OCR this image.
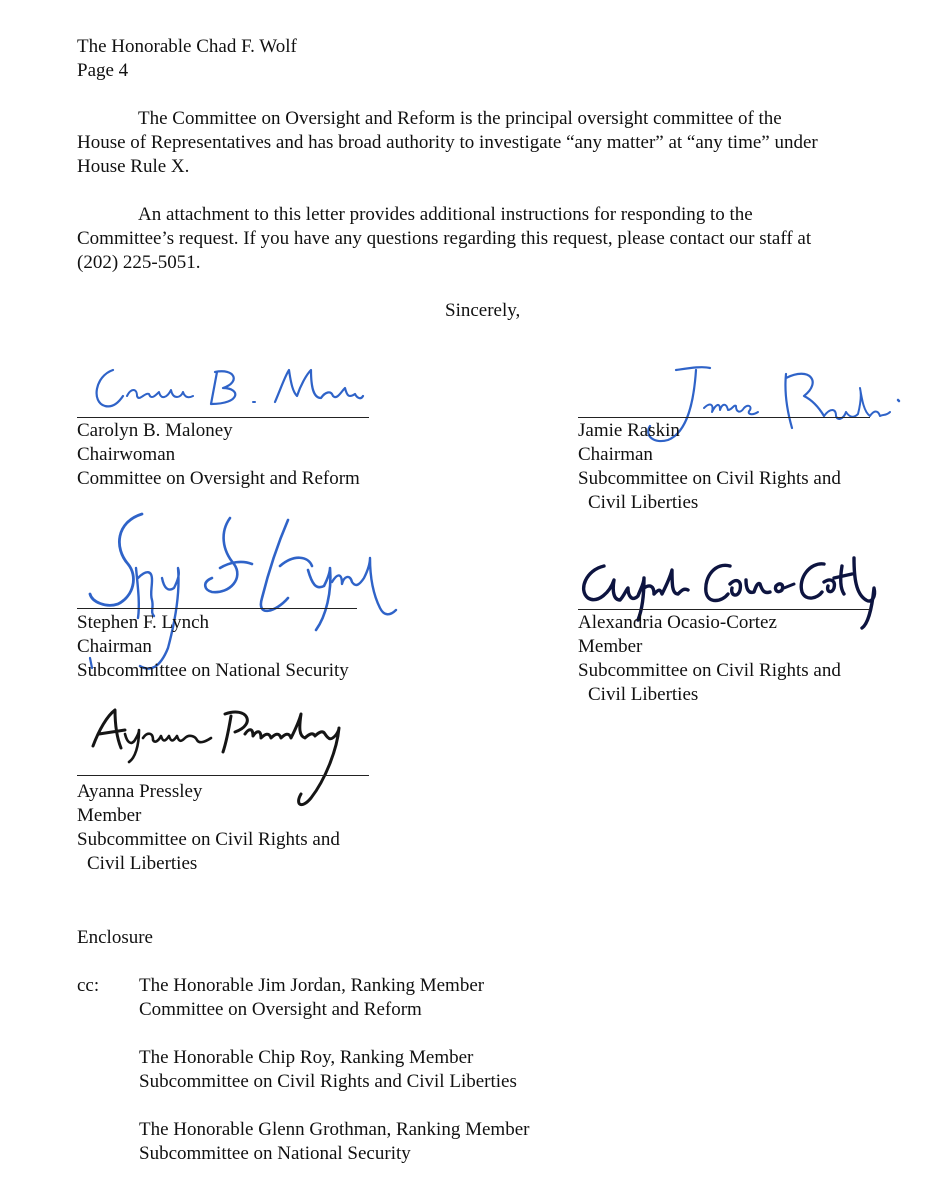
The Honorable Chad F. Wolf
Page 4
The Committee on Oversight and Reform is the principal oversight committee of the
House of Representatives and has broad authority to investigate “any matter” at “any time” under
House Rule X.
An attachment to this letter provides additional instructions for responding to the
Committee’s request. If you have any questions regarding this request, please contact our staff at
(202) 225-5051.
Sincerely,
Carolyn B. Maloney
Chairwoman
Committee on Oversight and Reform
Jamie Raskin
Chairman
Subcommittee on Civil Rights and
Civil Liberties
Stephen F. Lynch
Chairman
Subcommittee on National Security
Alexandria Ocasio-Cortez
Member
Subcommittee on Civil Rights and
Civil Liberties
Ayanna Pressley
Member
Subcommittee on Civil Rights and
Civil Liberties
Enclosure
cc: The Honorable Jim Jordan, Ranking Member
Committee on Oversight and Reform
The Honorable Chip Roy, Ranking Member
Subcommittee on Civil Rights and Civil Liberties
The Honorable Glenn Grothman, Ranking Member
Subcommittee on National Security
